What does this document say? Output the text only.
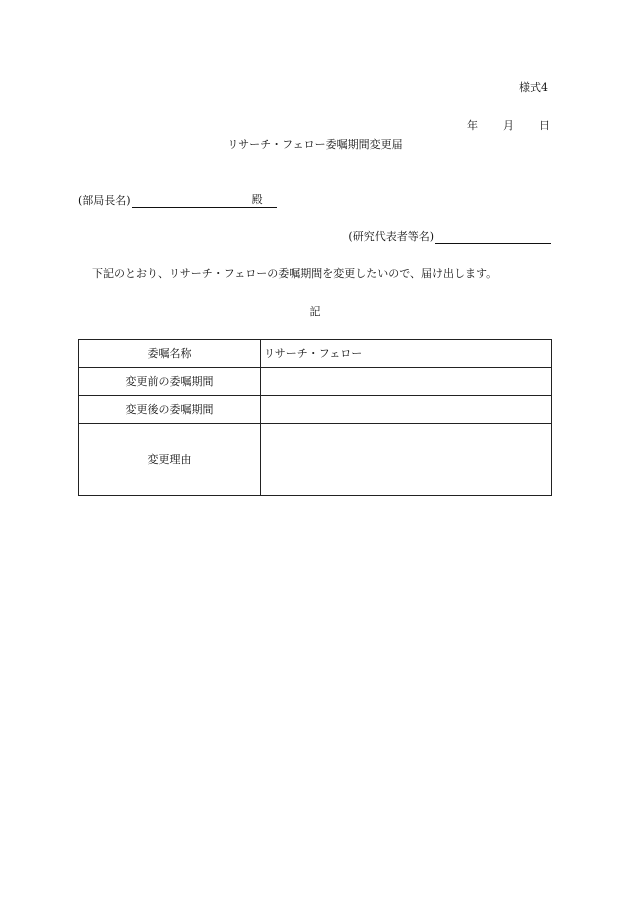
様式4
年 月 日
リサーチ・フェロー委嘱期間変更届
(部局長名)	殿
(研究代表者等名)
下記のとおり、リサーチ・フェローの委嘱期間を変更したいので、届け出します。
記
委嘱名称	リサーチ・フェロー
変更前の委嘱期間	
変更後の委嘱期間	
変更理由	
